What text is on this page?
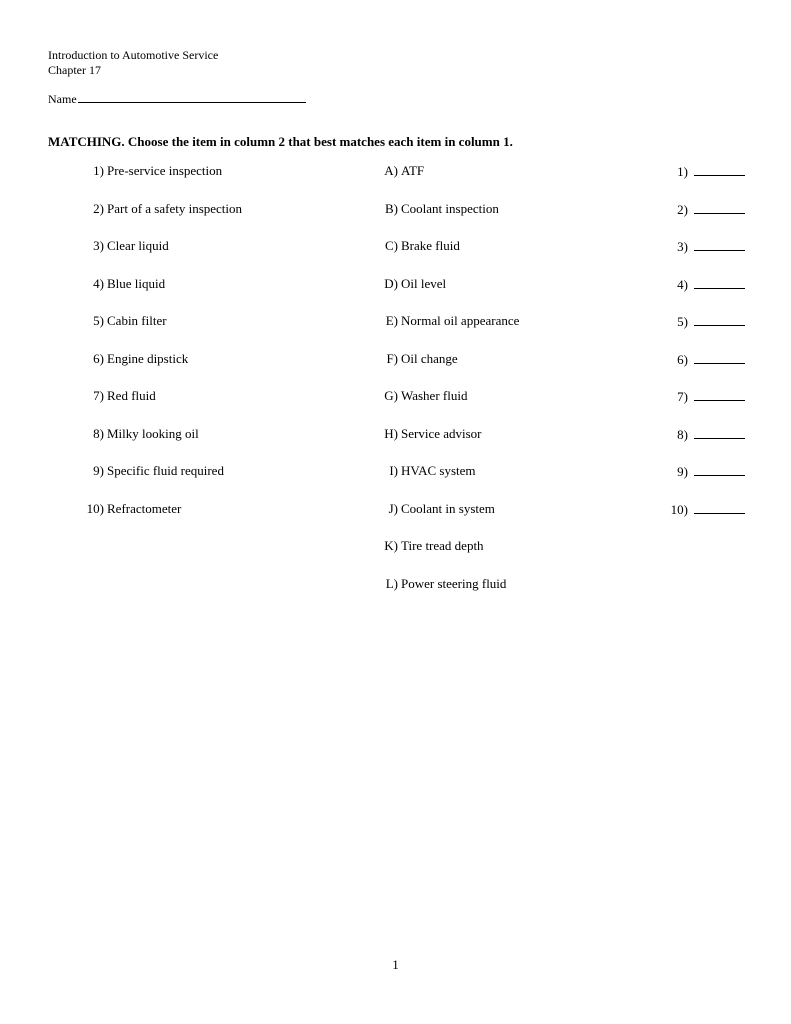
Introduction to Automotive Service
Chapter 17
Name
MATCHING. Choose the item in column 2 that best matches each item in column 1.
1) Pre-service inspection
2) Part of a safety inspection
3) Clear liquid
4) Blue liquid
5) Cabin filter
6) Engine dipstick
7) Red fluid
8) Milky looking oil
9) Specific fluid required
10) Refractometer
A) ATF
B) Coolant inspection
C) Brake fluid
D) Oil level
E) Normal oil appearance
F) Oil change
G) Washer fluid
H) Service advisor
I) HVAC system
J) Coolant in system
K) Tire tread depth
L) Power steering fluid
1)
2)
3)
4)
5)
6)
7)
8)
9)
10)
1
